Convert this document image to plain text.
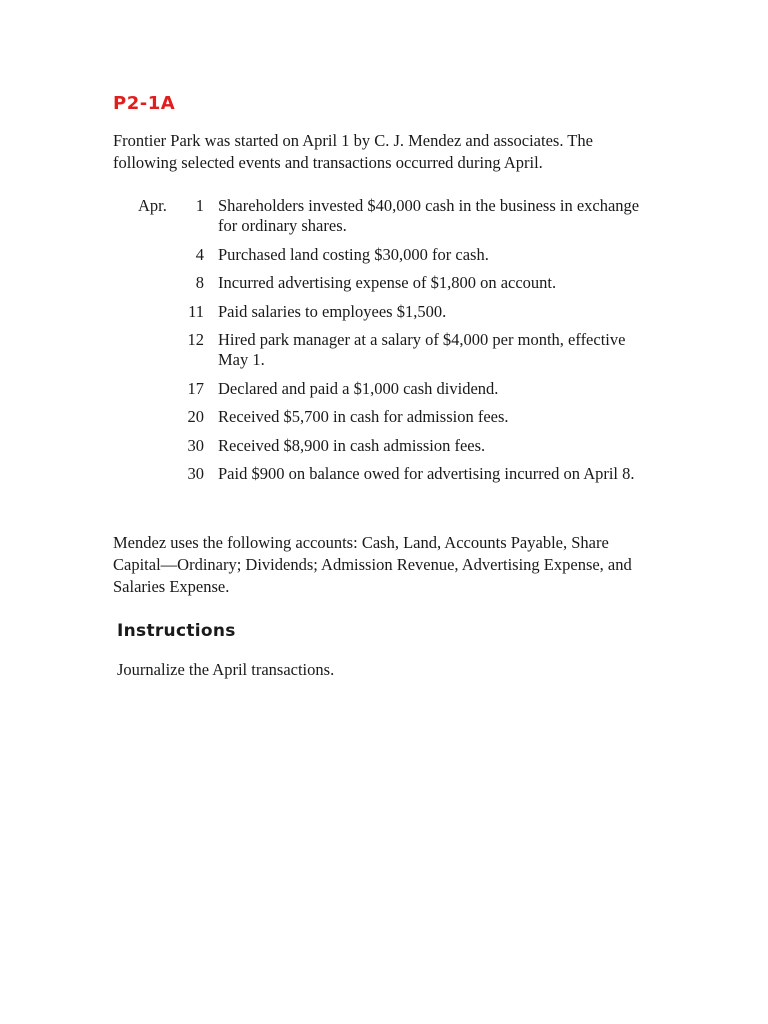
P2-1A

Frontier Park was started on April 1 by C. J. Mendez and associates. The following selected events and transactions occurred during April.

Apr.	1 Shareholders invested $40,000 cash in the business in exchange for ordinary shares.
4 Purchased land costing $30,000 for cash.
8 Incurred advertising expense of $1,800 on account.
11 Paid salaries to employees $1,500.
12 Hired park manager at a salary of $4,000 per month, effective May 1.
17 Declared and paid a $1,000 cash dividend.
20 Received $5,700 in cash for admission fees.
30 Received $8,900 in cash admission fees.
30 Paid $900 on balance owed for advertising incurred on April 8.

Mendez uses the following accounts: Cash, Land, Accounts Payable, Share Capital—Ordinary; Dividends; Admission Revenue, Advertising Expense, and Salaries Expense.

Instructions

Journalize the April transactions.
